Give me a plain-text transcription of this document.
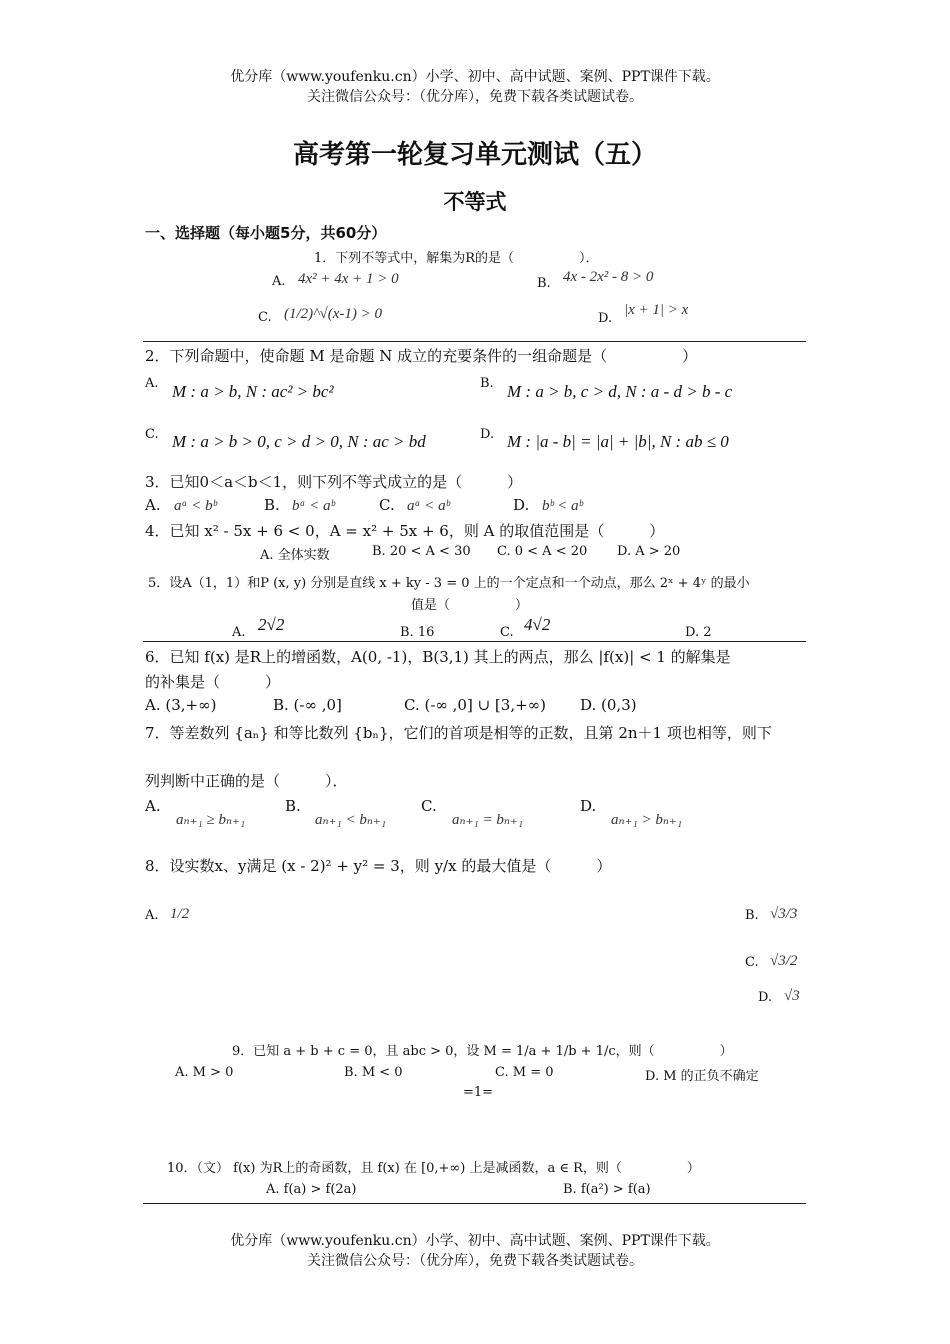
优分库（www.youfenku.cn）小学、初中、高中试题、案例、PPT课件下载。
关注微信公众号：（优分库），免费下载各类试题试卷。
高考第一轮复习单元测试（五）
不等式
一、选择题（每小题5分，共60分）
1．下列不等式中，解集为R的是（　　　　　）．
A. 4x² + 4x + 1 > 0	B. 4x - 2x² - 8 > 0
C. (1/2)^√(x-1) > 0	D.
|x + 1| > x
2．下列命题中，使命题 M 是命题 N 成立的充要条件的一组命题是（　　　　　）
A. M : a > b, N : ac² > bc²	B. M : a > b, c > d, N : a - d > b - c
C. M : a > b > 0, c > d > 0, N : ac > bd	D. M : |a - b| = |a| + |b|, N : ab ≤ 0
3．已知0＜a＜b＜1，则下列不等式成立的是（　　　）
A. aᵃ < bᵇ	B. bᵃ < aᵇ	C. aᵃ < aᵇ	D. bᵇ < aᵇ
4．已知 x² - 5x + 6 < 0，A = x² + 5x + 6，则 A 的取值范围是（　　　）
A. 全体实数	B. 20 < A < 30 C. 0 < A < 20 D. A > 20
5．设A（1，1）和P (x, y) 分别是直线 x + ky - 3 = 0 上的一个定点和一个动点，那么 2ˣ + 4ʸ 的最小
值是（　　　　　）
A. 2√2	B. 16	C. 4√2	D. 2
6．已知 f(x) 是R上的增函数，A(0, -1)，B(3,1) 其上的两点，那么 |f(x)| < 1 的解集是
的补集是（　　　）
A. (3,+∞)	B. (-∞ ,0]	C. (-∞ ,0] ∪ [3,+∞) D. (0,3)
7．等差数列 {aₙ} 和等比数列 {bₙ}，它们的首项是相等的正数，且第 2n＋1 项也相等，则下
列判断中正确的是（　　　）．
A.
aₙ₊₁ ≥ bₙ₊₁
B.
aₙ₊₁ < bₙ₊₁
C.
aₙ₊₁ = bₙ₊₁
D.
aₙ₊₁ > bₙ₊₁
8．设实数x、y满足 (x - 2)² + y² = 3，则 y/x 的最大值是（　　　）
A. 1/2	B. √3/3
C. √3/2
D. √3
9．已知 a + b + c = 0，且 abc > 0，设 M = 1/a + 1/b + 1/c，则（　　　　　）
A. M > 0	B. M < 0	C. M = 0	D. M 的正负不确定
=1=
10．（文） f(x) 为R上的奇函数，且 f(x) 在 [0,+∞) 上是减函数，a ∈ R，则（　　　　　）
A. f(a) > f(2a)	B. f(a²) > f(a)
优分库（www.youfenku.cn）小学、初中、高中试题、案例、PPT课件下载。
关注微信公众号：（优分库），免费下载各类试题试卷。
